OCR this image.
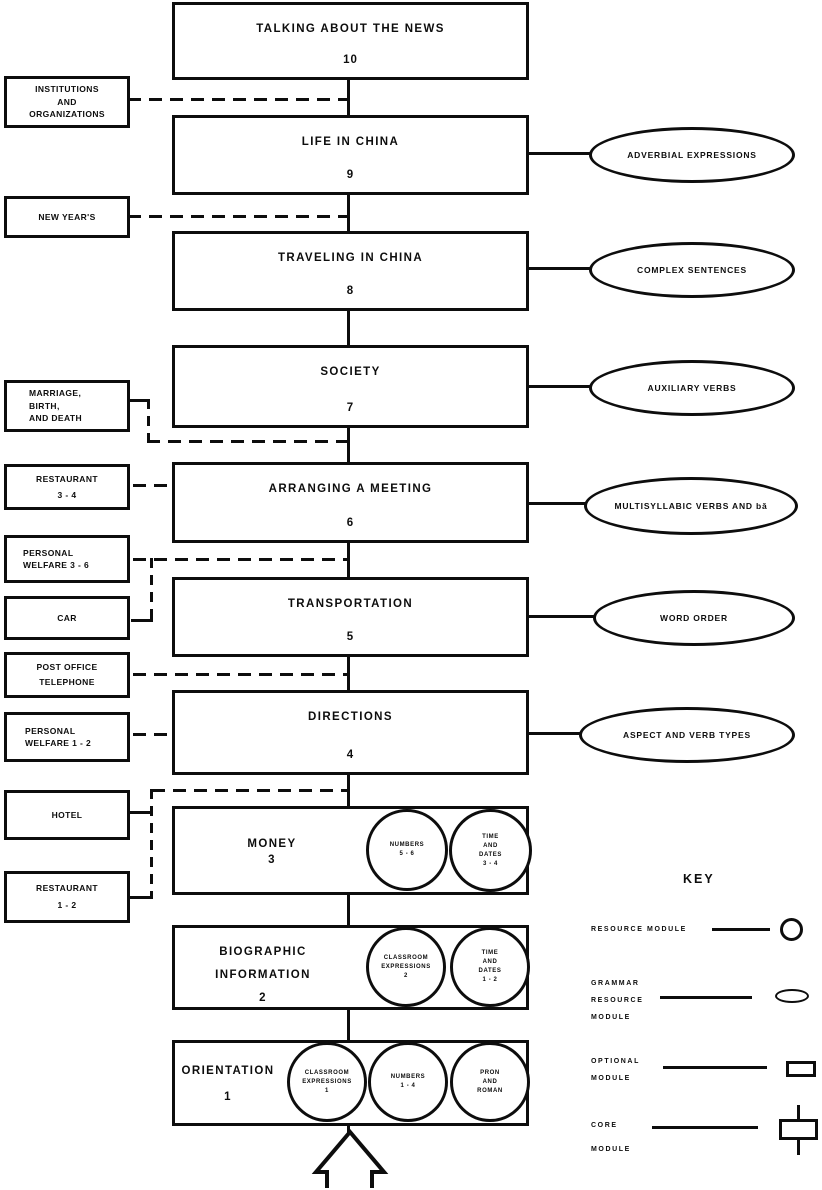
TALKING ABOUT THE NEWS
10
LIFE IN CHINA
9
TRAVELING IN CHINA
8
SOCIETY
7
ARRANGING A MEETING
6
TRANSPORTATION
5
DIRECTIONS
4
MONEY
3
NUMBERS
5 - 6
TIME
AND
DATES
3 - 4
BIOGRAPHIC
INFORMATION
2
CLASSROOM
EXPRESSIONS
2
TIME
AND
DATES
1 - 2
ORIENTATION
1
CLASSROOM
EXPRESSIONS
1
NUMBERS
1 - 4
PRON
AND
ROMAN
INSTITUTIONS
AND
ORGANIZATIONS
NEW YEAR'S
MARRIAGE,
BIRTH,
AND DEATH
RESTAURANT
3 - 4
PERSONAL
WELFARE 3 - 6
CAR
POST OFFICE
TELEPHONE
PERSONAL
WELFARE 1 - 2
HOTEL
RESTAURANT
1 - 2
ADVERBIAL EXPRESSIONS
COMPLEX SENTENCES
AUXILIARY VERBS
MULTISYLLABIC VERBS AND bǎ
WORD ORDER
ASPECT AND VERB TYPES
KEY
RESOURCE MODULE
GRAMMAR
RESOURCE
MODULE
OPTIONAL
MODULE
CORE
MODULE
